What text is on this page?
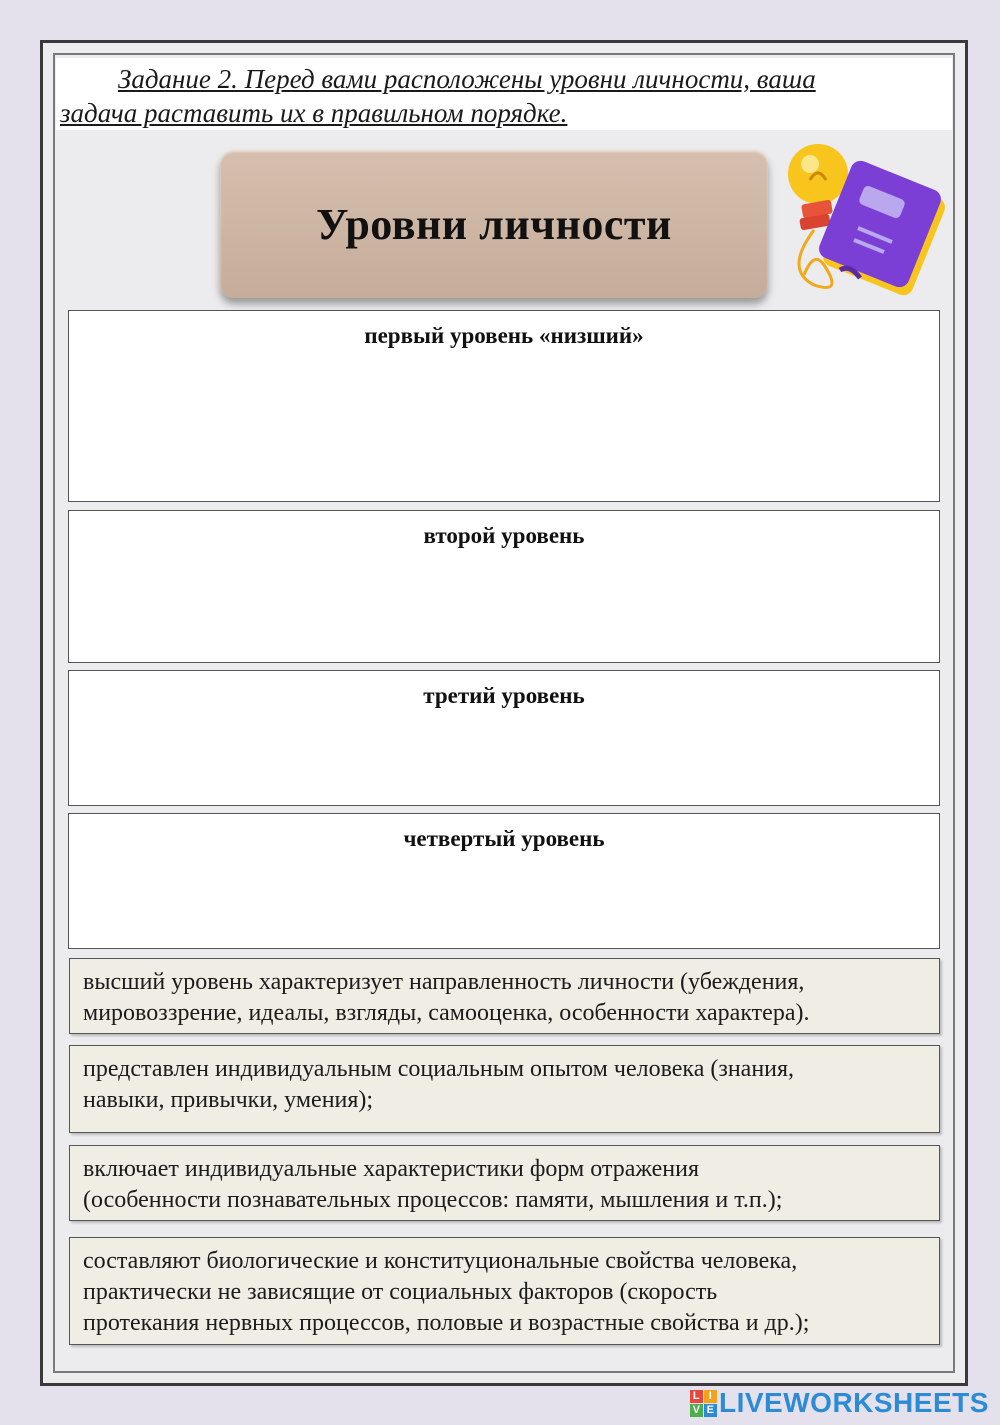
Задание 2. Перед вами расположены уровни личности, ваша
задача раставить их в правильном порядке.
Уровни личности
первый уровень «низший»
второй уровень
третий уровень
четвертый уровень
высший уровень характеризует направленность личности (убеждения,
мировоззрение, идеалы, взгляды, самооценка, особенности характера).
представлен индивидуальным социальным опытом человека (знания,
навыки, привычки, умения);
включает индивидуальные характеристики форм отражения
(особенности познавательных процессов: памяти, мышления и т.п.);
составляют биологические и конституциональные свойства человека,
практически не зависящие от социальных факторов (скорость
протекания нервных процессов, половые и возрастные свойства и др.);
L I
V E LIVEWORKSHEETS
